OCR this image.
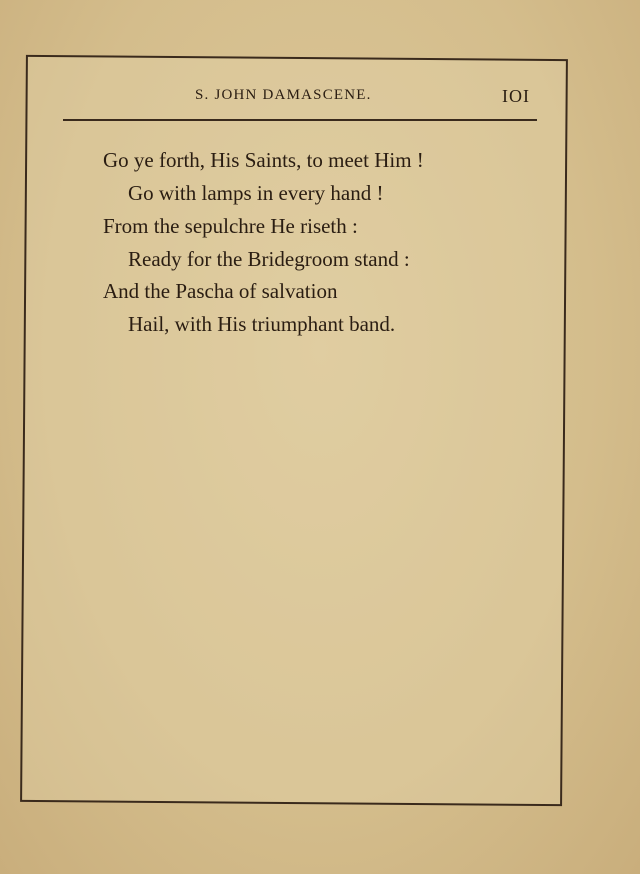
S. JOHN DAMASCENE.	IOI
Go ye forth, His Saints, to meet Him !
Go with lamps in every hand !
From the sepulchre He riseth :
Ready for the Bridegroom stand :
And the Pascha of salvation
Hail, with His triumphant band.
